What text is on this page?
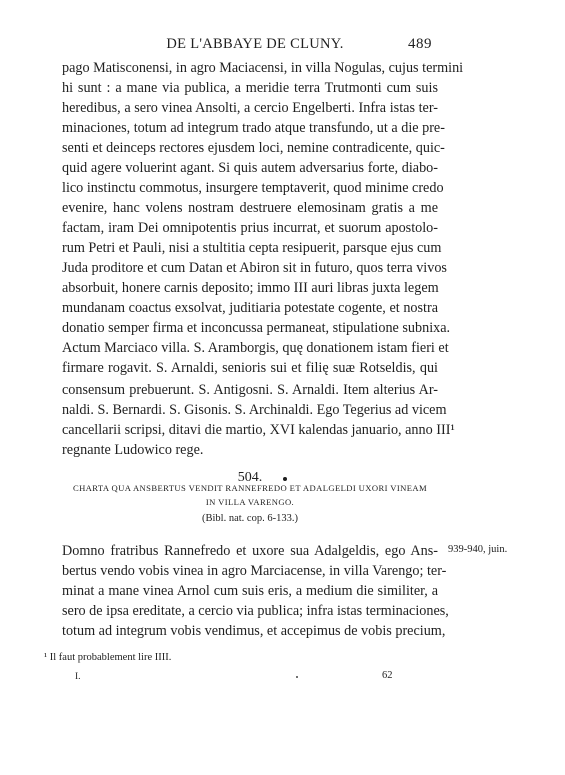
DE L'ABBAYE DE CLUNY.	489
pago Matisconensi, in agro Maciacensi, in villa Nogulas, cujus termini
hi sunt : a mane via publica, a meridie terra Trutmonti cum suis
heredibus, a sero vinea Ansolti, a cercio Engelberti. Infra istas ter-
minaciones, totum ad integrum trado atque transfundo, ut a die pre-
senti et deinceps rectores ejusdem loci, nemine contradicente, quic-
quid agere voluerint agant. Si quis autem adversarius forte, diabo-
lico instinctu commotus, insurgere temptaverit, quod minime credo
evenire, hanc volens nostram destruere elemosinam gratis a me
factam, iram Dei omnipotentis prius incurrat, et suorum apostolo-
rum Petri et Pauli, nisi a stultitia cepta resipuerit, parsque ejus cum
Juda proditore et cum Datan et Abiron sit in futuro, quos terra vivos
absorbuit, honere carnis deposito; immo III auri libras juxta legem
mundanam coactus exsolvat, juditiaria potestate cogente, et nostra
donatio semper firma et inconcussa permaneat, stipulatione subnixa.
Actum Marciaco villa. S. Aramborgis, quę donationem istam fieri et
firmare rogavit. S. Arnaldi, senioris sui et filię suæ Rotseldis, qui
consensum prebuerunt. S. Antigosni. S. Arnaldi. Item alterius Ar-
naldi. S. Bernardi. S. Gisonis. S. Archinaldi. Ego Tegerius ad vicem
cancellarii scripsi, ditavi die martio, XVI kalendas januario, anno III¹
regnante Ludowico rege.
504.
CHARTA QUA ANSBERTUS VENDIT RANNEFREDO ET ADALGELDI UXORI VINEAM
IN VILLA VARENGO.
(Bibl. nat. cop. 6-133.)
Domno fratribus Rannefredo et uxore sua Adalgeldis, ego Ans- 939-940, juin.
bertus vendo vobis vinea in agro Marciacense, in villa Varengo; ter-
minat a mane vinea Arnol cum suis eris, a medium die similiter, a
sero de ipsa ereditate, a cercio via publica; infra istas terminaciones,
totum ad integrum vobis vendimus, et accepimus de vobis precium,
¹ Il faut probablement lire IIII.
I.	62
